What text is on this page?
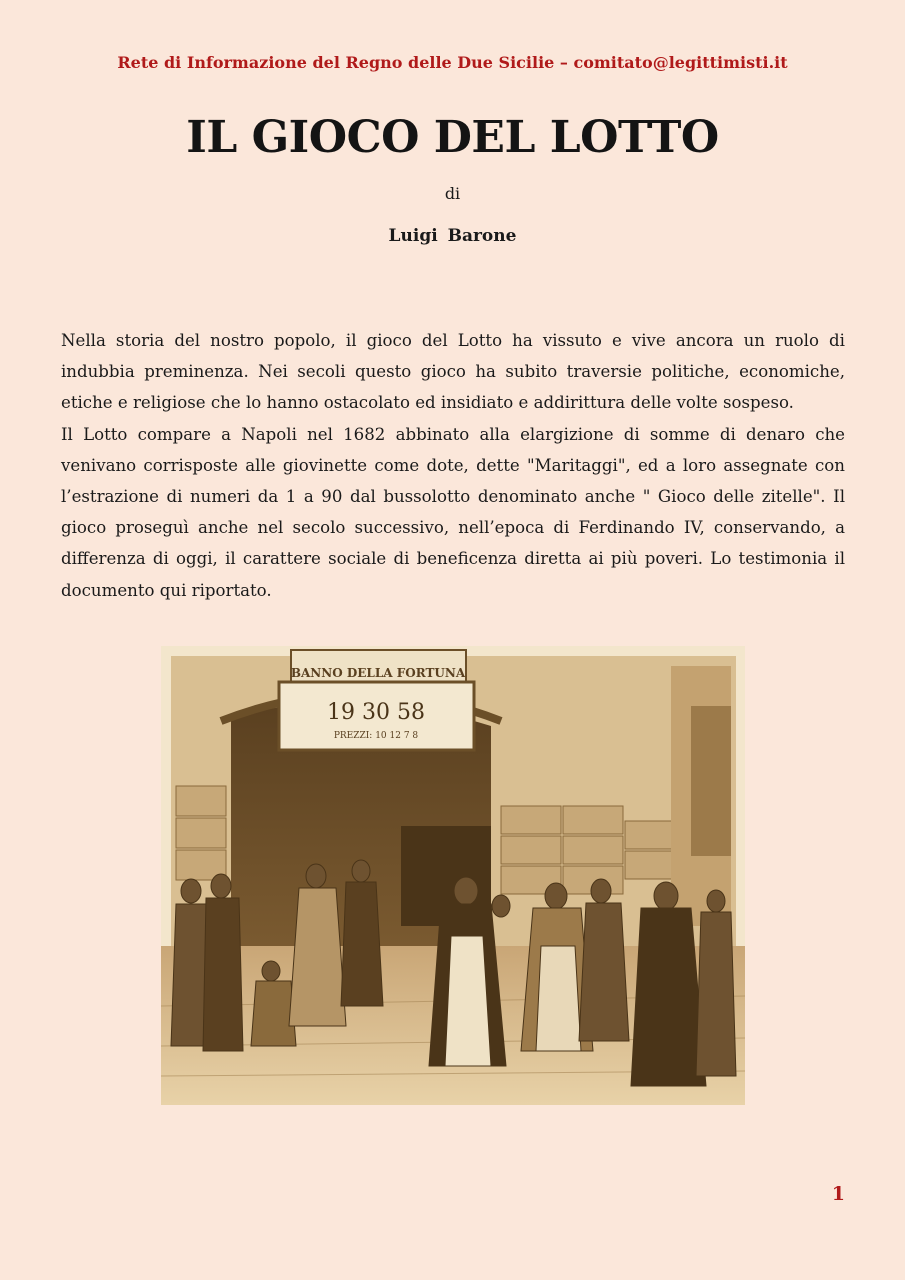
Rete di Informazione del Regno delle Due Sicilie – comitato@legittimisti.it
IL GIOCO DEL LOTTO
di
Luigi Barone

Nella storia del nostro popolo, il gioco del Lotto ha vissuto e vive ancora un ruolo di indubbia preminenza. Nei secoli questo gioco ha subito traversie politiche, economiche, etiche e religiose che lo hanno ostacolato ed insidiato e addirittura delle volte sospeso.

Il Lotto compare a Napoli nel 1682 abbinato alla elargizione di somme di denaro che venivano corrisposte alle giovinette come dote, dette "Maritaggi", ed a loro assegnate con l’estrazione di numeri da 1 a 90 dal bussolotto denominato anche " Gioco delle zitelle". Il gioco proseguì anche nel secolo successivo, nell’epoca di Ferdinando IV, conservando, a differenza di oggi, il carattere sociale di beneficenza diretta ai più poveri. Lo testimonia il documento qui riportato.

BANNO DELLA FORTUNA
19 30 58
PREZZI: 10 12 7 8
1
